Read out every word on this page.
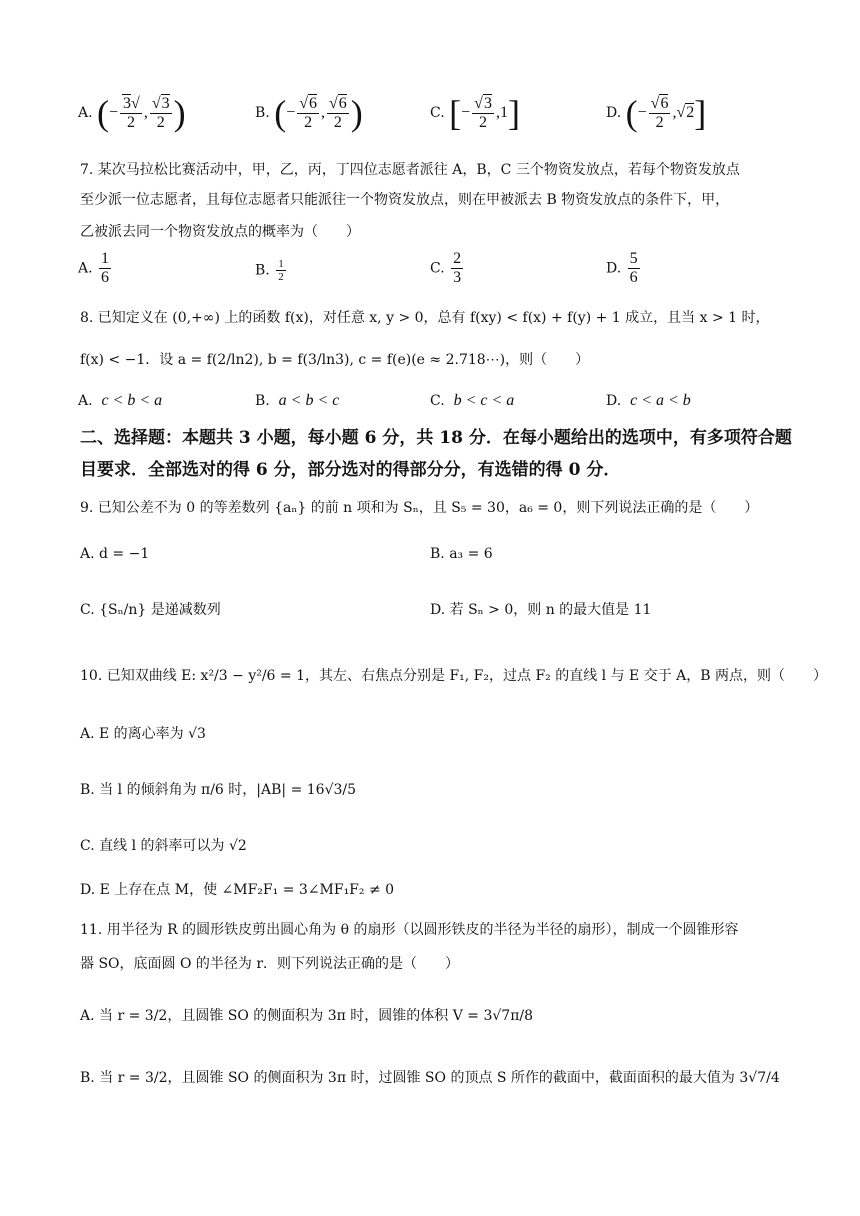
A. (− $\frac{3√}{2}$ , $\frac{√3}{2}$ )	B. (− $\frac{√6}{2}$ , $\frac{√6}{2}$ )	C. [− $\frac{√3}{2} ,1$]	D. (− $\frac{√6}{2} ,√2$]
7. 某次马拉松比赛活动中，甲，乙，丙，丁四位志愿者派往 A，B，C 三个物资发放点，若每个物资发放点
至少派一位志愿者，且每位志愿者只能派往一个物资发放点，则在甲被派去 B 物资发放点的条件下，甲，
乙被派去同一个物资发放点的概率为（　　）
A. $\frac{1}{6}$	B. $\frac{1}{2}$	C. $\frac{2}{3}$	D. $\frac{5}{6}$
8. 已知定义在 (0,+∞) 上的函数 f(x)，对任意 x, y > 0，总有 f(xy) < f(x) + f(y) + 1 成立，且当 x > 1 时，
f(x) < −1．设 a = f(2/ln2), b = f(3/ln3), c = f(e)(e ≈ 2.718⋯)，则（　　）
A. c < b < a	B. a < b < c	C. b < c < a	D. c < a < b
二、选择题：本题共 3 小题，每小题 6 分，共 18 分．在每小题给出的选项中，有多项符合题
目要求．全部选对的得 6 分，部分选对的得部分分，有选错的得 0 分．
9. 已知公差不为 0 的等差数列 {aₙ} 的前 n 项和为 Sₙ，且 S₅ = 30，a₆ = 0，则下列说法正确的是（　　）
A. d = −1	B. a₃ = 6
C. {Sₙ/n} 是递减数列	D. 若 Sₙ > 0，则 n 的最大值是 11
10. 已知双曲线 E: x²/3 − y²/6 = 1，其左、右焦点分别是 F₁, F₂，过点 F₂ 的直线 l 与 E 交于 A，B 两点，则（　　）
A. E 的离心率为 √3
B. 当 l 的倾斜角为 π/6 时，|AB| = 16√3/5
C. 直线 l 的斜率可以为 √2
D. E 上存在点 M，使 ∠MF₂F₁ = 3∠MF₁F₂ ≠ 0
11. 用半径为 R 的圆形铁皮剪出圆心角为 θ 的扇形（以圆形铁皮的半径为半径的扇形），制成一个圆锥形容
器 SO，底面圆 O 的半径为 r．则下列说法正确的是（　　）
A. 当 r = 3/2，且圆锥 SO 的侧面积为 3π 时，圆锥的体积 V = 3√7π/8
B. 当 r = 3/2，且圆锥 SO 的侧面积为 3π 时，过圆锥 SO 的顶点 S 所作的截面中，截面面积的最大值为 3√7/4
